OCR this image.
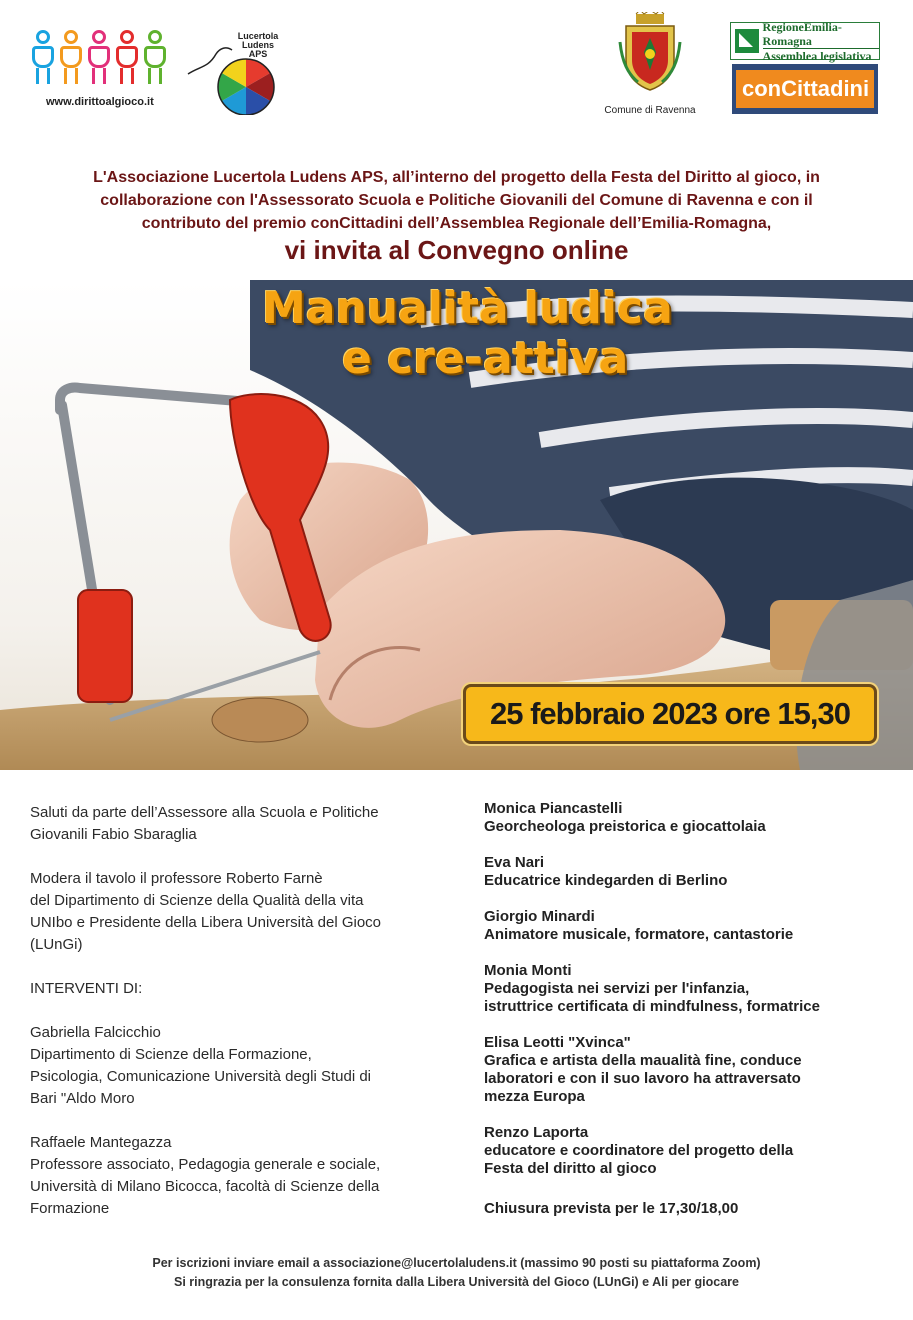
www.dirittoalgioco.it
Lucertola
Ludens
APS
Comune di Ravenna
RegioneEmilia-Romagna
Assemblea legislativa
conCittadini
L'Associazione Lucertola Ludens APS, all’interno del progetto della Festa del Diritto al gioco, in
collaborazione con l'Assessorato Scuola e Politiche Giovanili del Comune di Ravenna e con il
contributo del premio conCittadini dell’Assemblea Regionale dell’Emilia-Romagna,
vi invita al Convegno online
Manualità ludica
e cre-attiva
25 febbraio 2023 ore 15,30

Saluti da parte dell’Assessore alla Scuola e Politiche
Giovanili Fabio Sbaraglia

Modera il tavolo il professore Roberto Farnè
del Dipartimento di Scienze della Qualità della vita
UNIbo e Presidente della Libera Università del Gioco
(LUnGi)

INTERVENTI DI:

Gabriella Falcicchio
Dipartimento di Scienze della Formazione,
Psicologia, Comunicazione Università degli Studi di
Bari "Aldo Moro

Raffaele Mantegazza
Professore associato, Pedagogia generale e sociale,
Università di Milano Bicocca, facoltà di Scienze della
Formazione

Monica Piancastelli
Georcheologa preistorica e giocattolaia
Eva Nari
Educatrice kindegarden di Berlino
Giorgio Minardi
Animatore musicale, formatore, cantastorie
Monia Monti
Pedagogista nei servizi per l'infanzia,
istruttrice certificata di mindfulness, formatrice
Elisa Leotti "Xvinca"
Grafica e artista della maualità fine, conduce
laboratori e con il suo lavoro ha attraversato
mezza Europa
Renzo Laporta
educatore e coordinatore del progetto della
Festa del diritto al gioco
Chiusura prevista per le 17,30/18,00
Per iscrizioni inviare email a associazione@lucertolaludens.it (massimo 90 posti su piattaforma Zoom)
Si ringrazia per la consulenza fornita dalla Libera Università del Gioco (LUnGi) e Ali per giocare
